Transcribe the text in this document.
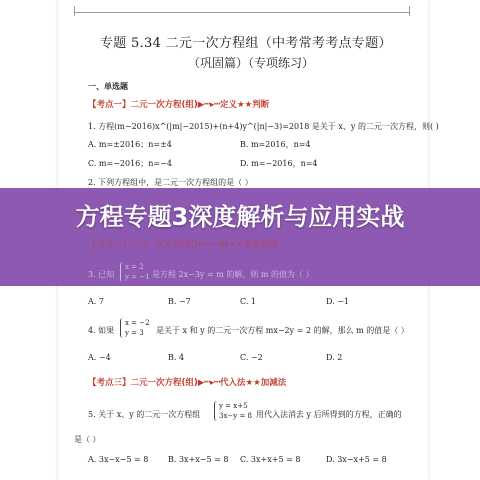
专题 5.34 二元一次方程组（中考常考考点专题）
（巩固篇）（专项练习）
一、单选题
【考点一】二元一次方程(组)▶···▸···定义★★判断
1. 方程(m−2016)x^(|m|−2015)+(n+4)y^(|n|−3)=2018 是关于 x、y 的二元一次方程，则( )
A. m=±2016；n=±4	B. m=2016，n=4
C. m=−2016；n=−4	D. m=−2016，n=4
2. 下列方程组中，是二元一次方程组的是（ ）
【考点二】二元一次方程(组)▶···▸···解★★参数问题
3. 已知
x = 2
y = −1 是方程 2x−3y = m 的解，则 m 的值为（ ）
方程专题3深度解析与应用实战
A. 7	B. −7	C. 1	D. −1
4. 如果
x = −2
y = 3	是关于 x 和 y 的二元一次方程 mx−2y = 2 的解，那么 m 的值是（ ）
A. −4	B. 4	C. −2	D. 2
【考点三】二元一次方程(组)▶···▸···代入法★★加减法
5. 关于 x、y 的二元一次方程组
y = x+5
3x−y = 8 用代入法消去 y 后所得到的方程，正确的
是（ ）
A. 3x−x−5 = 8 B. 3x+x−5 = 8 C. 3x+x+5 = 8	D. 3x−x+5 = 8
